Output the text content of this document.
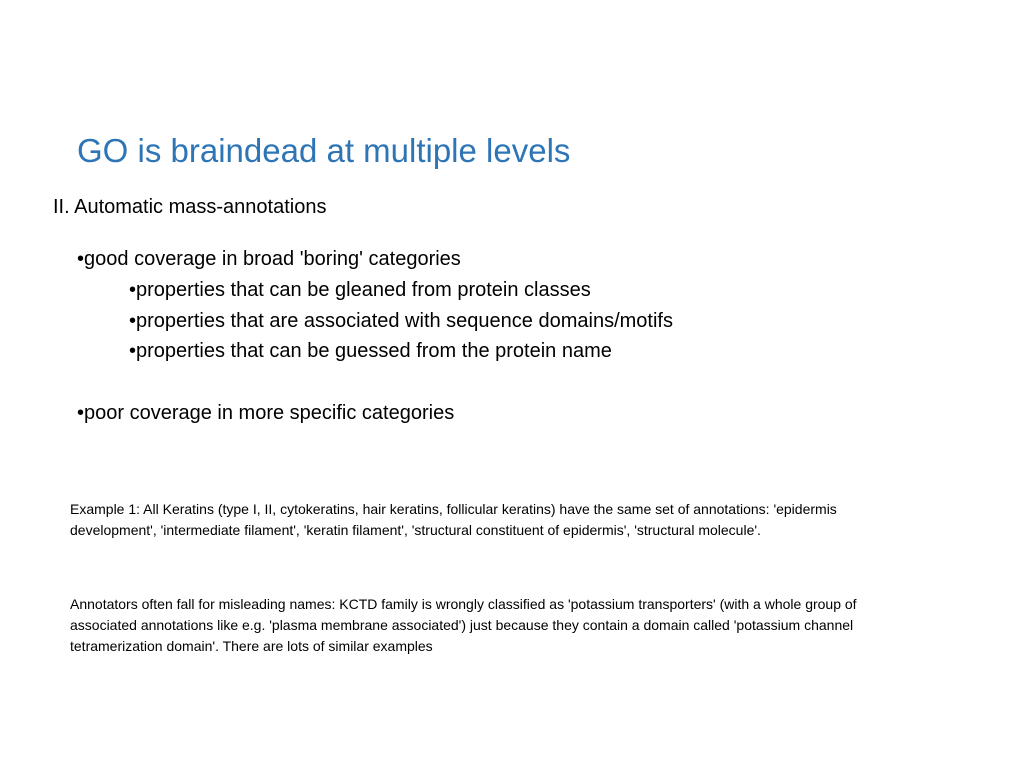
GO is braindead at multiple levels
II. Automatic mass-annotations
•good coverage in broad 'boring' categories
•properties that can be gleaned from protein classes
•properties that are associated with sequence domains/motifs
•properties that can be guessed from the protein name
•poor coverage in more specific categories
Example 1: All Keratins (type I, II, cytokeratins, hair keratins, follicular keratins) have the same set of annotations: 'epidermis development', 'intermediate filament', 'keratin filament', 'structural constituent of epidermis', 'structural molecule'.
Annotators often fall for misleading names: KCTD family is wrongly classified as 'potassium transporters' (with a whole group of associated annotations like e.g. 'plasma membrane associated') just because they contain a domain called 'potassium channel tetramerization domain'. There are lots of similar examples
